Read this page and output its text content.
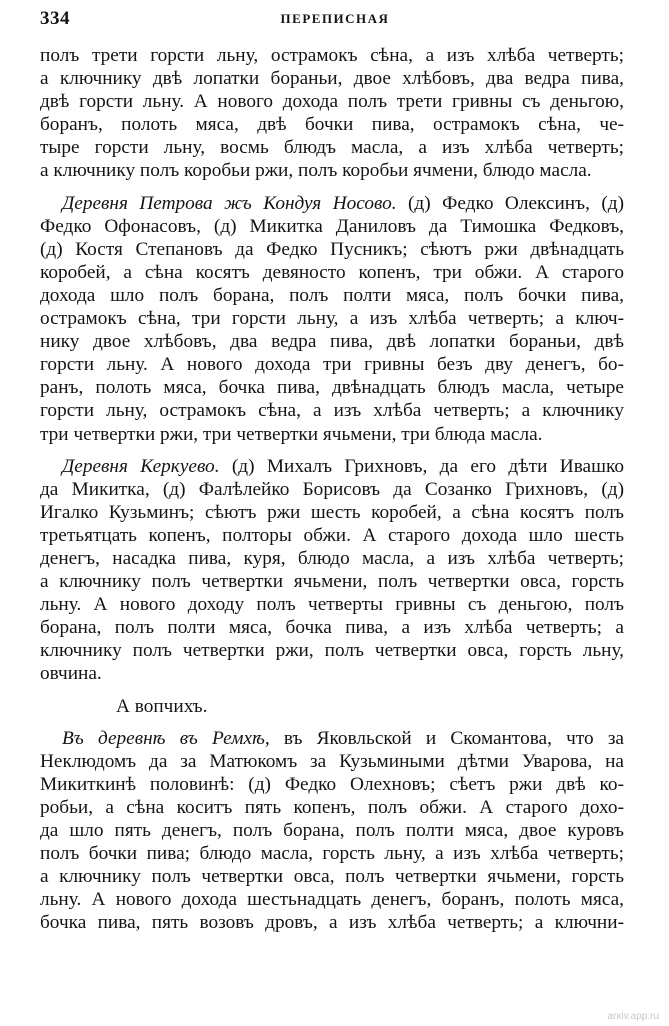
334	ПЕРЕПИСНАЯ
полъ трети горсти льну, острамокъ сѣна, а изъ хлѣба четверть;
а ключнику двѣ лопатки бораньи, двое хлѣбовъ, два ведра пива,
двѣ горсти льну. А нового дохода полъ трети гривны съ деньгою,
боранъ, полоть мяса, двѣ бочки пива, острамокъ сѣна, че-
тыре горсти льну, восмь блюдъ масла, а изъ хлѣба четверть;
а ключнику полъ коробьи ржи, полъ коробьи ячмени, блюдо масла.
Деревня Петрова жъ Кондуя Носово. (д) Федко Олексинъ, (д)
Федко Офонасовъ, (д) Микитка Даниловъ да Тимошка Федковъ,
(д) Костя Степановъ да Федко Пусникъ; сѣютъ ржи двѣнадцать
коробей, а сѣна косятъ девяносто копенъ, три обжи. А старого
дохода шло полъ борана, полъ полти мяса, полъ бочки пива,
острамокъ сѣна, три горсти льну, а изъ хлѣба четверть; а ключ-
нику двое хлѣбовъ, два ведра пива, двѣ лопатки бораньи, двѣ
горсти льну. А нового дохода три гривны безъ дву денегъ, бо-
ранъ, полоть мяса, бочка пива, двѣнадцать блюдъ масла, четыре
горсти льну, острамокъ сѣна, а изъ хлѣба четверть; а ключнику
три четвертки ржи, три четвертки ячьмени, три блюда масла.
Деревня Керкуево. (д) Михалъ Грихновъ, да его дѣти Ивашко
да Микитка, (д) Фалѣлейко Борисовъ да Созанко Грихновъ, (д)
Игалко Кузьминъ; сѣютъ ржи шесть коробей, а сѣна косятъ полъ
третьятцать копенъ, полторы обжи. А старого дохода шло шесть
денегъ, насадка пива, куря, блюдо масла, а изъ хлѣба четверть;
а ключнику полъ четвертки ячьмени, полъ четвертки овса, горсть
льну. А нового доходу полъ четверты гривны съ деньгою, полъ
борана, полъ полти мяса, бочка пива, а изъ хлѣба четверть; а
ключнику полъ четвертки ржи, полъ четвертки овса, горсть льну,
овчина.
А вопчихъ.
Въ деревнѣ въ Ремхѣ, въ Яковльской и Скомантова, что за
Неклюдомъ да за Матюкомъ за Кузьмиными дѣтми Уварова, на
Микиткинѣ половинѣ: (д) Федко Олехновъ; сѣетъ ржи двѣ ко-
робьи, а сѣна коситъ пять копенъ, полъ обжи. А старого дохо-
да шло пять денегъ, полъ борана, полъ полти мяса, двое куровъ
полъ бочки пива; блюдо масла, горсть льну, а изъ хлѣба четверть;
а ключнику полъ четвертки овса, полъ четвертки ячьмени, горсть
льну. А нового дохода шестьнадцать денегъ, боранъ, полоть мяса,
бочка пива, пять возовъ дровъ, а изъ хлѣба четверть; а ключни-
arxiv.app.ru
